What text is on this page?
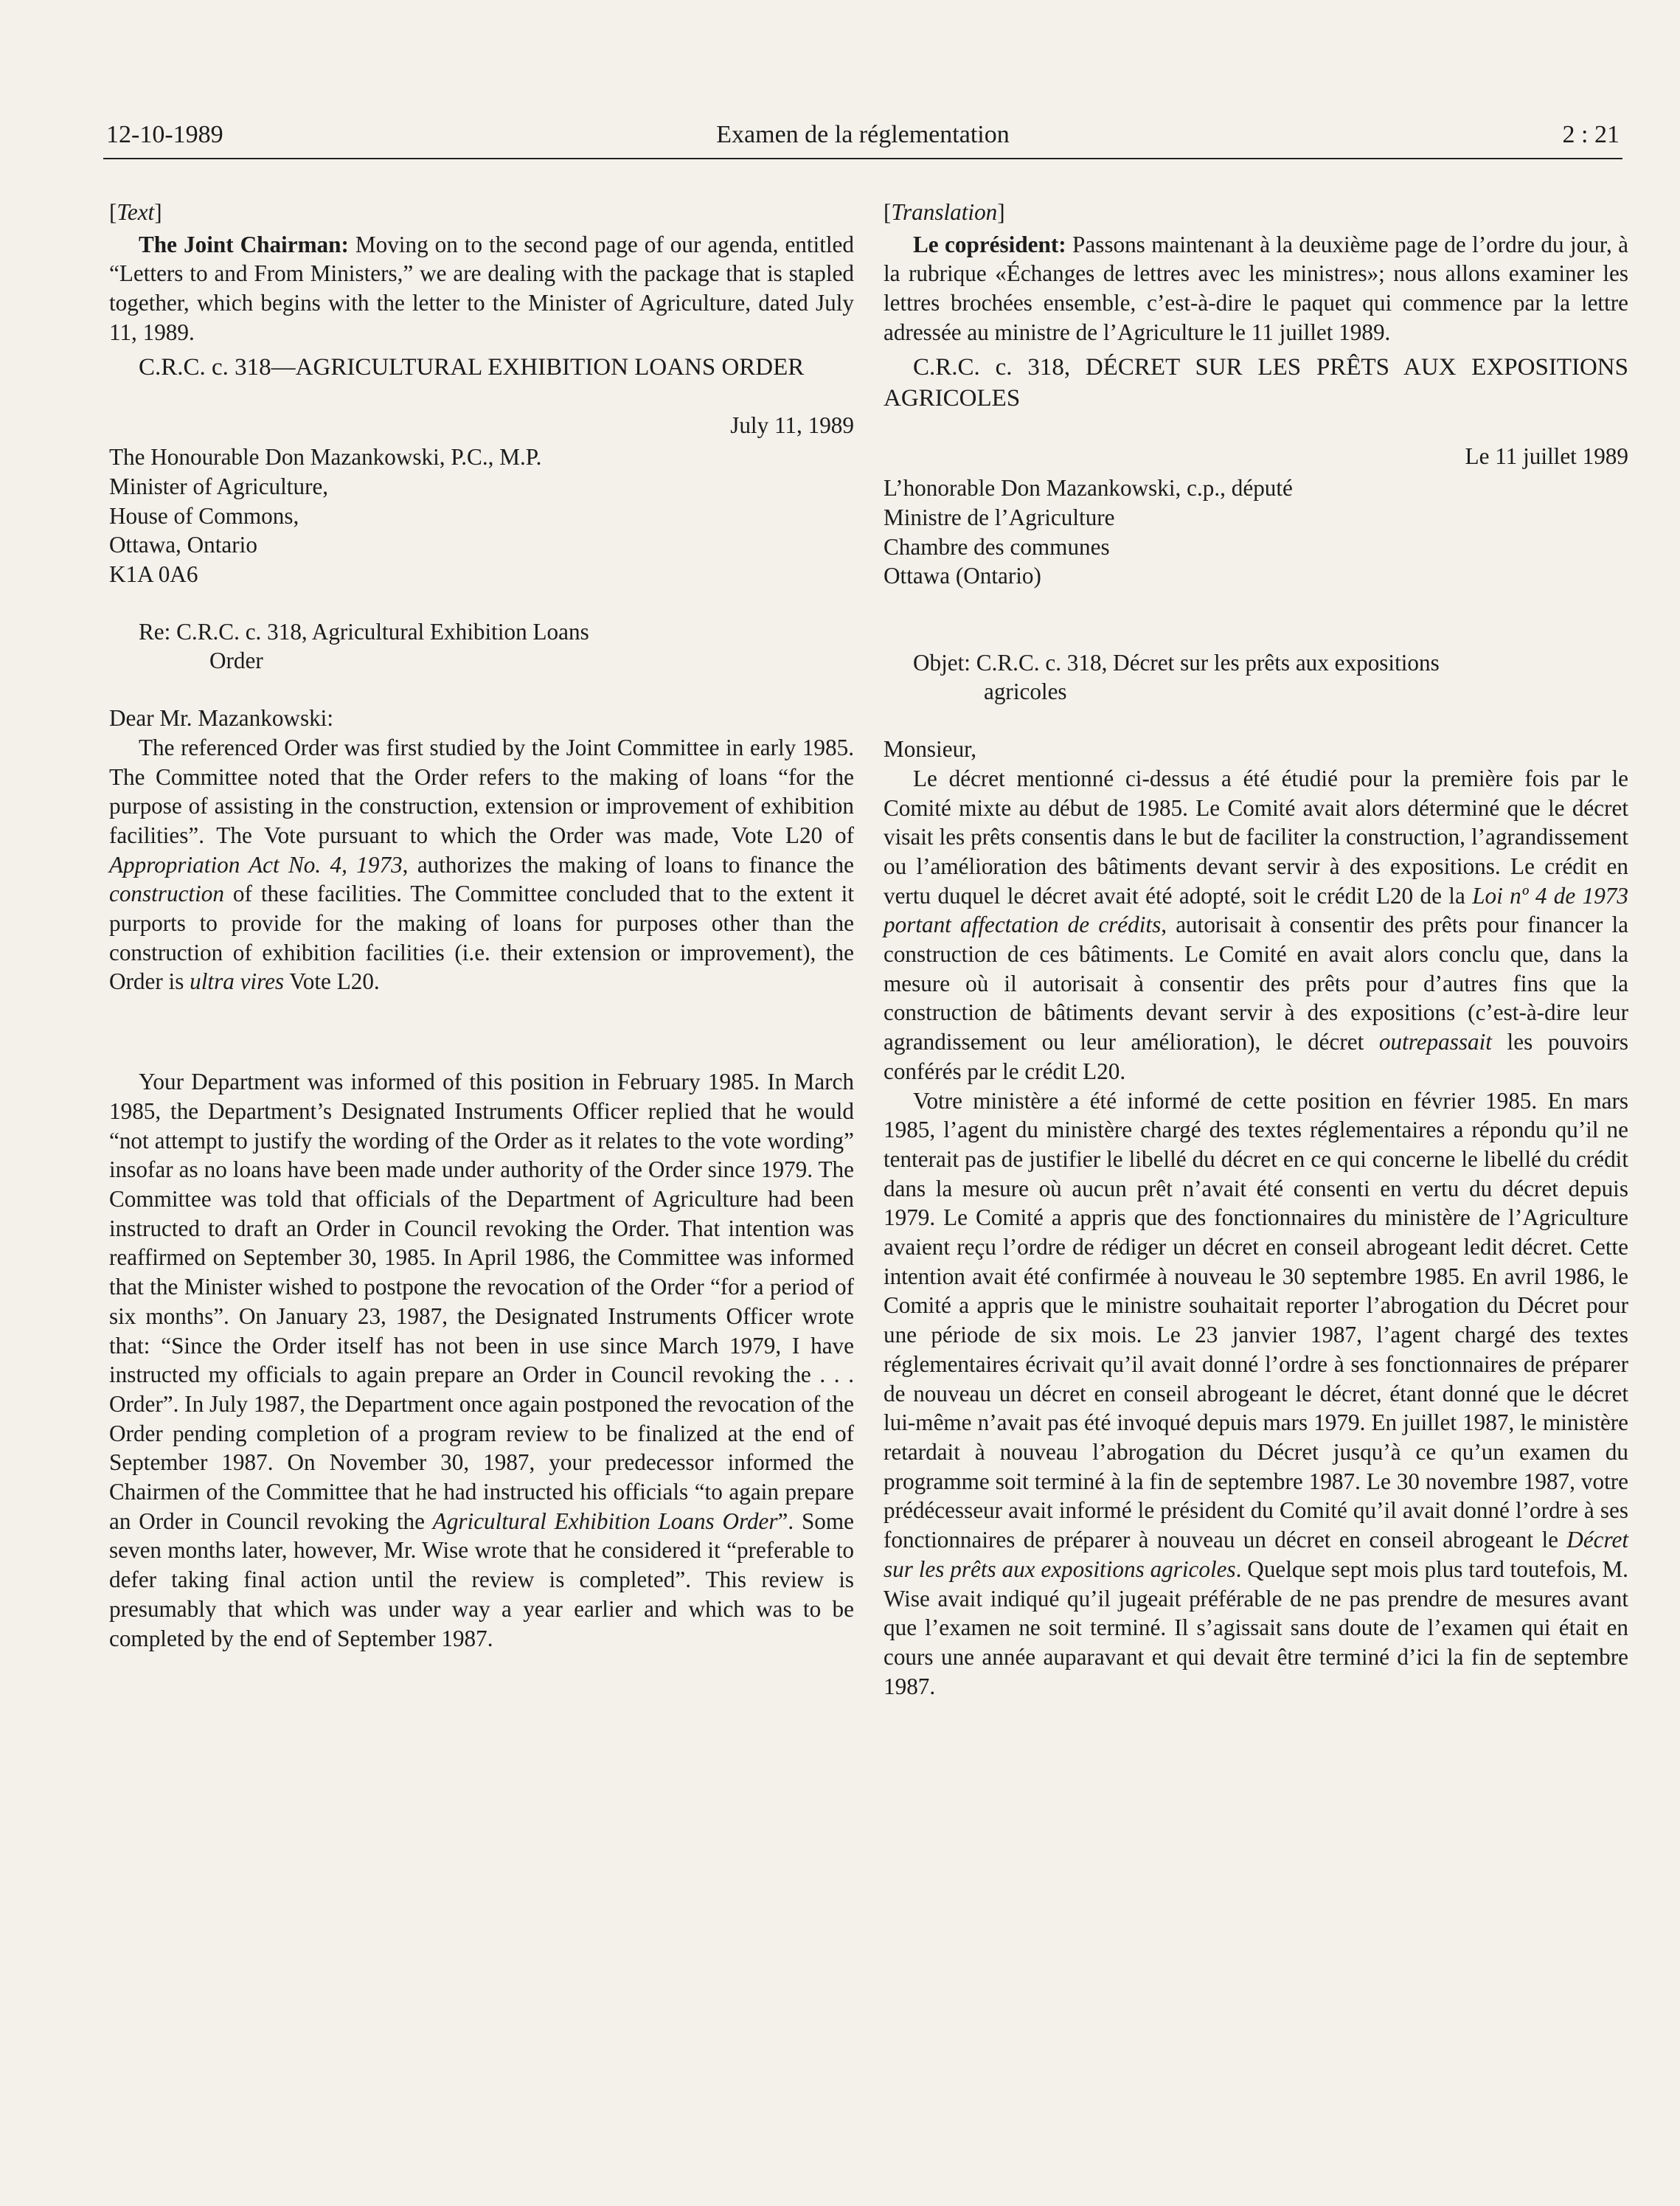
12-10-1989	Examen de la réglementation	2 : 21

[Text]

The Joint Chairman: Moving on to the second page of our agenda, entitled “Letters to and From Ministers,” we are dealing with the package that is stapled together, which begins with the letter to the Minister of Agriculture, dated July 11, 1989.

C.R.C. c. 318—AGRICULTURAL EXHIBITION LOANS ORDER

July 11, 1989

The Honourable Don Mazankowski, P.C., M.P.
Minister of Agriculture,
House of Commons,
Ottawa, Ontario
K1A 0A6

Re: C.R.C. c. 318, Agricultural Exhibition Loans
Order

Dear Mr. Mazankowski:

The referenced Order was first studied by the Joint Committee in early 1985. The Committee noted that the Order refers to the making of loans “for the purpose of assisting in the construction, extension or improvement of exhibition facilities”. The Vote pursuant to which the Order was made, Vote L20 of Appropriation Act No. 4, 1973, authorizes the making of loans to finance the construction of these facilities. The Committee concluded that to the extent it purports to provide for the making of loans for purposes other than the construction of exhibition facilities (i.e. their extension or improvement), the Order is ultra vires Vote L20.

Your Department was informed of this position in February 1985. In March 1985, the Department’s Designated Instruments Officer replied that he would “not attempt to justify the wording of the Order as it relates to the vote wording” insofar as no loans have been made under authority of the Order since 1979. The Committee was told that officials of the Department of Agriculture had been instructed to draft an Order in Council revoking the Order. That intention was reaffirmed on September 30, 1985. In April 1986, the Committee was informed that the Minister wished to postpone the revocation of the Order “for a period of six months”. On January 23, 1987, the Designated Instruments Officer wrote that: “Since the Order itself has not been in use since March 1979, I have instructed my officials to again prepare an Order in Council revoking the . . . Order”. In July 1987, the Department once again postponed the revocation of the Order pending completion of a program review to be finalized at the end of September 1987. On November 30, 1987, your predecessor informed the Chairmen of the Committee that he had instructed his officials “to again prepare an Order in Council revoking the Agricultural Exhibition Loans Order”. Some seven months later, however, Mr. Wise wrote that he considered it “preferable to defer taking final action until the review is completed”. This review is presumably that which was under way a year earlier and which was to be completed by the end of September 1987.

[Translation]

Le coprésident: Passons maintenant à la deuxième page de l’ordre du jour, à la rubrique «Échanges de lettres avec les ministres»; nous allons examiner les lettres brochées ensemble, c’est-à-dire le paquet qui commence par la lettre adressée au ministre de l’Agriculture le 11 juillet 1989.

C.R.C. c. 318, DÉCRET SUR LES PRÊTS AUX EXPOSITIONS AGRICOLES

Le 11 juillet 1989

L’honorable Don Mazankowski, c.p., député
Ministre de l’Agriculture
Chambre des communes
Ottawa (Ontario)

Objet: C.R.C. c. 318, Décret sur les prêts aux expositions
agricoles

Monsieur,

Le décret mentionné ci-dessus a été étudié pour la première fois par le Comité mixte au début de 1985. Le Comité avait alors déterminé que le décret visait les prêts consentis dans le but de faciliter la construction, l’agrandissement ou l’amélioration des bâtiments devant servir à des expositions. Le crédit en vertu duquel le décret avait été adopté, soit le crédit L20 de la Loi nº 4 de 1973 portant affectation de crédits, autorisait à consentir des prêts pour financer la construction de ces bâtiments. Le Comité en avait alors conclu que, dans la mesure où il autorisait à consentir des prêts pour d’autres fins que la construction de bâtiments devant servir à des expositions (c’est-à-dire leur agrandissement ou leur amélioration), le décret outrepassait les pouvoirs conférés par le crédit L20.

Votre ministère a été informé de cette position en février 1985. En mars 1985, l’agent du ministère chargé des textes réglementaires a répondu qu’il ne tenterait pas de justifier le libellé du décret en ce qui concerne le libellé du crédit dans la mesure où aucun prêt n’avait été consenti en vertu du décret depuis 1979. Le Comité a appris que des fonctionnaires du ministère de l’Agriculture avaient reçu l’ordre de rédiger un décret en conseil abrogeant ledit décret. Cette intention avait été confirmée à nouveau le 30 septembre 1985. En avril 1986, le Comité a appris que le ministre souhaitait reporter l’abrogation du Décret pour une période de six mois. Le 23 janvier 1987, l’agent chargé des textes réglementaires écrivait qu’il avait donné l’ordre à ses fonctionnaires de préparer de nouveau un décret en conseil abrogeant le décret, étant donné que le décret lui-même n’avait pas été invoqué depuis mars 1979. En juillet 1987, le ministère retardait à nouveau l’abrogation du Décret jusqu’à ce qu’un examen du programme soit terminé à la fin de septembre 1987. Le 30 novembre 1987, votre prédécesseur avait informé le président du Comité qu’il avait donné l’ordre à ses fonctionnaires de préparer à nouveau un décret en conseil abrogeant le Décret sur les prêts aux expositions agricoles. Quelque sept mois plus tard toutefois, M. Wise avait indiqué qu’il jugeait préférable de ne pas prendre de mesures avant que l’examen ne soit terminé. Il s’agissait sans doute de l’examen qui était en cours une année auparavant et qui devait être terminé d’ici la fin de septembre 1987.
